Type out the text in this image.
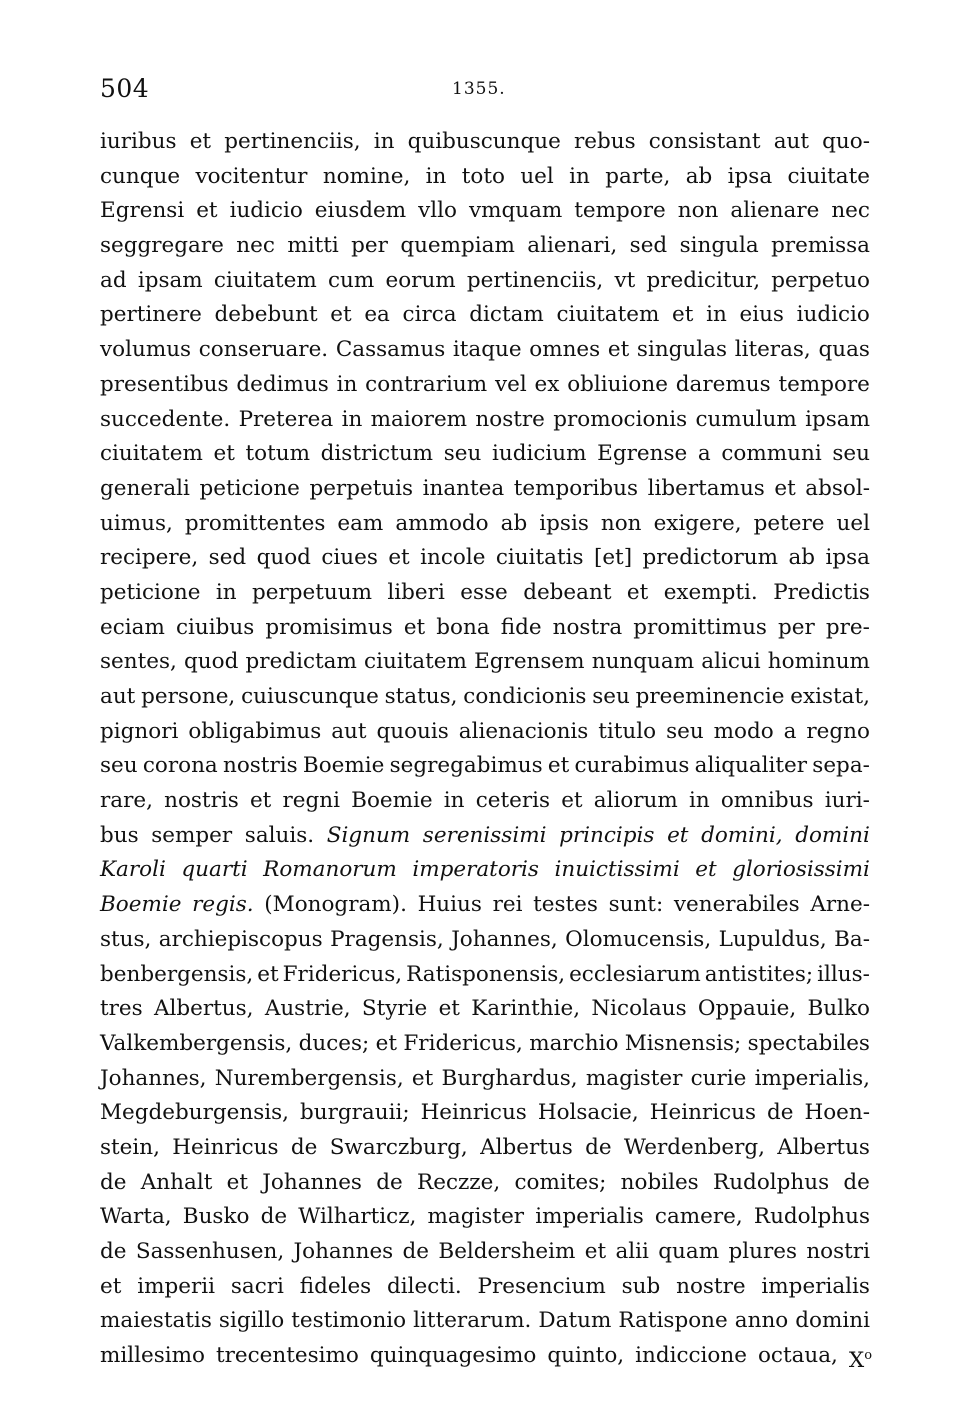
504	1355.
iuribus et pertinenciis, in quibuscunque rebus consistant aut quo-
cunque vocitentur nomine, in toto uel in parte, ab ipsa ciuitate
Egrensi et iudicio eiusdem vllo vmquam tempore non alienare nec
seggregare nec mitti per quempiam alienari, sed singula premissa
ad ipsam ciuitatem cum eorum pertinenciis, vt predicitur, perpetuo
pertinere debebunt et ea circa dictam ciuitatem et in eius iudicio
volumus conseruare. Cassamus itaque omnes et singulas literas, quas
presentibus dedimus in contrarium vel ex obliuione daremus tempore
succedente. Preterea in maiorem nostre promocionis cumulum ipsam
ciuitatem et totum districtum seu iudicium Egrense a communi seu
generali peticione perpetuis inantea temporibus libertamus et absol-
uimus, promittentes eam ammodo ab ipsis non exigere, petere uel
recipere, sed quod ciues et incole ciuitatis [et] predictorum ab ipsa
peticione in perpetuum liberi esse debeant et exempti. Predictis
eciam ciuibus promisimus et bona fide nostra promittimus per pre-
sentes, quod predictam ciuitatem Egrensem nunquam alicui hominum
aut persone, cuiuscunque status, condicionis seu preeminencie existat,
pignori obligabimus aut quouis alienacionis titulo seu modo a regno
seu corona nostris Boemie segregabimus et curabimus aliqualiter sepa-
rare, nostris et regni Boemie in ceteris et aliorum in omnibus iuri-
bus semper saluis. Signum serenissimi principis et domini, domini
Karoli quarti Romanorum imperatoris inuictissimi et gloriosissimi
Boemie regis. (Monogram). Huius rei testes sunt: venerabiles Arne-
stus, archiepiscopus Pragensis, Johannes, Olomucensis, Lupuldus, Ba-
benbergensis, et Fridericus, Ratisponensis, ecclesiarum antistites; illus-
tres Albertus, Austrie, Styrie et Karinthie, Nicolaus Oppauie, Bulko
Valkembergensis, duces; et Fridericus, marchio Misnensis; spectabiles
Johannes, Nurembergensis, et Burghardus, magister curie imperialis,
Megdeburgensis, burgrauii; Heinricus Holsacie, Heinricus de Hoen-
stein, Heinricus de Swarczburg, Albertus de Werdenberg, Albertus
de Anhalt et Johannes de Reczze, comites; nobiles Rudolphus de
Warta, Busko de Wilharticz, magister imperialis camere, Rudolphus
de Sassenhusen, Johannes de Beldersheim et alii quam plures nostri
et imperii sacri fideles dilecti. Presencium sub nostre imperialis
maiestatis sigillo testimonio litterarum. Datum Ratispone anno domini
millesimo trecentesimo quinquagesimo quinto, indiccione octaua, Xo
